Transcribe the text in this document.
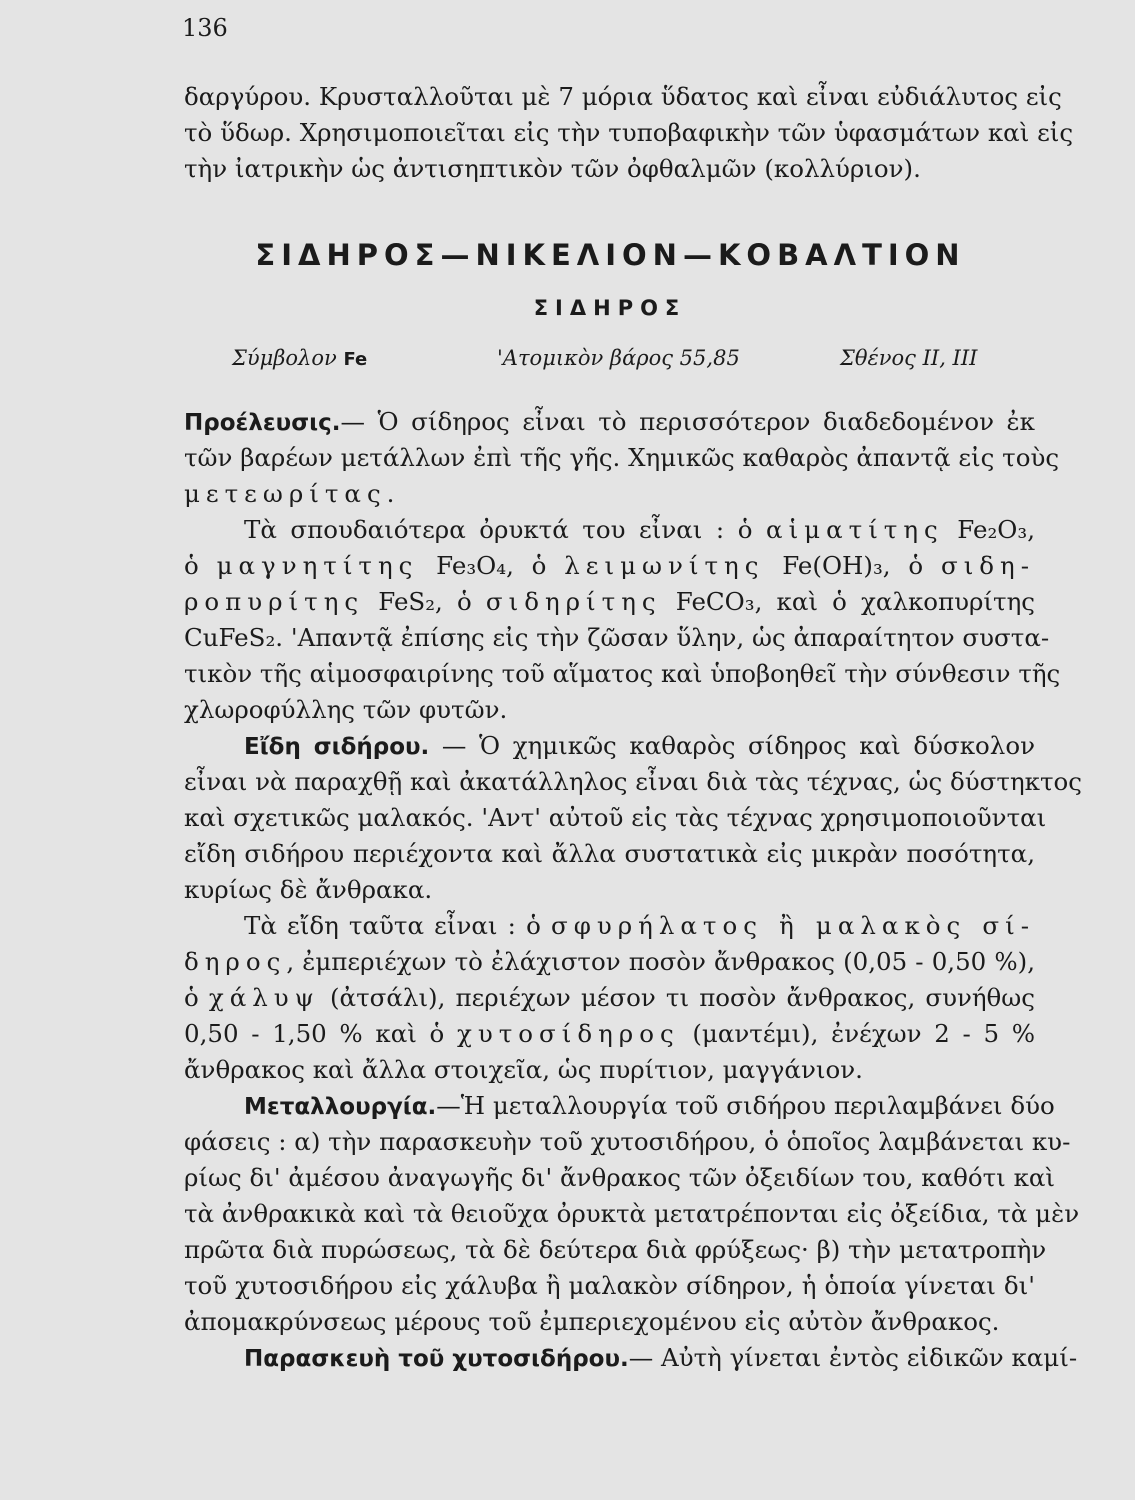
136
δαργύρου. Κρυσταλλοῦται μὲ 7 μόρια ὕδατος καὶ εἶναι εὐδιάλυτος εἰς
τὸ ὕδωρ. Χρησιμοποιεῖται εἰς τὴν τυποβαφικὴν τῶν ὑφασμάτων καὶ εἰς
τὴν ἰατρικὴν ὡς ἀντισηπτικὸν τῶν ὀφθαλμῶν (κολλύριον).
Προέλευσις.— Ὁ σίδηρος εἶναι τὸ περισσότερον διαδεδομένον ἐκ
τῶν βαρέων μετάλλων ἐπὶ τῆς γῆς. Χημικῶς καθαρὸς ἀπαντᾷ εἰς τοὺς
μετεωρίτας.
Τὰ σπουδαιότερα ὀρυκτά του εἶναι : ὁ αἱματίτης Fe₂O₃,
ὁ μαγνητίτης Fe₃O₄, ὁ λειμωνίτης Fe(OH)₃, ὁ σιδη-
ροπυρίτης FeS₂, ὁ σιδηρίτης FeCO₃, καὶ ὁ χαλκοπυρίτης
CuFeS₂. 'Απαντᾷ ἐπίσης εἰς τὴν ζῶσαν ὕλην, ὡς ἀπαραίτητον συστα-
τικὸν τῆς αἱμοσφαιρίνης τοῦ αἵματος καὶ ὑποβοηθεῖ τὴν σύνθεσιν τῆς
χλωροφύλλης τῶν φυτῶν.
Εἴδη σιδήρου. — Ὁ χημικῶς καθαρὸς σίδηρος καὶ δύσκολον
εἶναι νὰ παραχθῇ καὶ ἀκατάλληλος εἶναι διὰ τὰς τέχνας, ὡς δύστηκτος
καὶ σχετικῶς μαλακός. 'Αντ' αὐτοῦ εἰς τὰς τέχνας χρησιμοποιοῦνται
εἴδη σιδήρου περιέχοντα καὶ ἄλλα συστατικὰ εἰς μικρὰν ποσότητα,
κυρίως δὲ ἄνθρακα.
Τὰ εἴδη ταῦτα εἶναι : ὁ σφυρήλατος ἢ μαλακὸς σί-
δηρος, ἐμπεριέχων τὸ ἐλάχιστον ποσὸν ἄνθρακος (0,05 - 0,50 %),
ὁ χάλυψ (ἀτσάλι), περιέχων μέσον τι ποσὸν ἄνθρακος, συνήθως
0,50 - 1,50 % καὶ ὁ χυτοσίδηρος (μαντέμι), ἐνέχων 2 - 5 %
ἄνθρακος καὶ ἄλλα στοιχεῖα, ὡς πυρίτιον, μαγγάνιον.
Μεταλλουργία.—Ἡ μεταλλουργία τοῦ σιδήρου περιλαμβάνει δύο
φάσεις : α) τὴν παρασκευὴν τοῦ χυτοσιδήρου, ὁ ὁποῖος λαμβάνεται κυ-
ρίως δι' ἀμέσου ἀναγωγῆς δι' ἄνθρακος τῶν ὀξειδίων του, καθότι καὶ
τὰ ἀνθρακικὰ καὶ τὰ θειοῦχα ὀρυκτὰ μετατρέπονται εἰς ὀξείδια, τὰ μὲν
πρῶτα διὰ πυρώσεως, τὰ δὲ δεύτερα διὰ φρύξεως· β) τὴν μετατροπὴν
τοῦ χυτοσιδήρου εἰς χάλυβα ἢ μαλακὸν σίδηρον, ἡ ὁποία γίνεται δι'
ἀπομακρύνσεως μέρους τοῦ ἐμπεριεχομένου εἰς αὐτὸν ἄνθρακος.
Παρασκευὴ τοῦ χυτοσιδήρου.— Αὐτὴ γίνεται ἐντὸς εἰδικῶν καμί-
ΣΙΔΗΡΟΣ—ΝΙΚΕΛΙΟΝ—ΚΟΒΑΛΤΙΟΝ
ΣΙΔΗΡΟΣ
Σύμβολον Fe	'Ατομικὸν βάρος 55,85	Σθένος II, III
